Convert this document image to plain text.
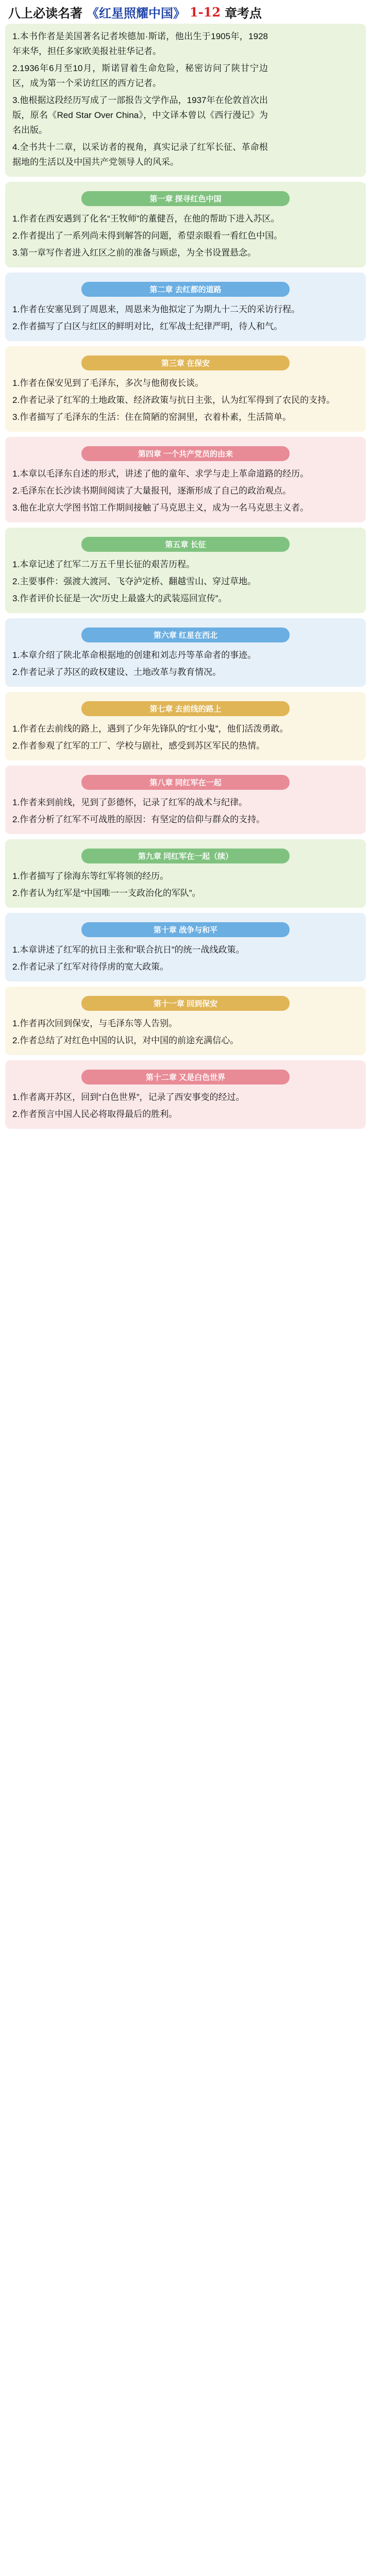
八上必读名著 《红星照耀中国》 1-12 章考点

1.本书作者是美国著名记者埃德加·斯诺，他出生于1905年，1928年来华，担任多家欧美报社驻华记者。

2.1936年6月至10月，斯诺冒着生命危险，秘密访问了陕甘宁边区，成为第一个采访红区的西方记者。

3.他根据这段经历写成了一部报告文学作品，1937年在伦敦首次出版，原名《Red Star Over China》，中文译本曾以《西行漫记》为名出版。

4.全书共十二章，以采访者的视角，真实记录了红军长征、革命根据地的生活以及中国共产党领导人的风采。

第一章 探寻红色中国

1.作者在西安遇到了化名“王牧师”的董健吾，在他的帮助下进入苏区。

2.作者提出了一系列尚未得到解答的问题，希望亲眼看一看红色中国。

3.第一章写作者进入红区之前的准备与顾虑，为全书设置悬念。

第二章 去红都的道路

1.作者在安塞见到了周恩来，周恩来为他拟定了为期九十二天的采访行程。

2.作者描写了白区与红区的鲜明对比，红军战士纪律严明，待人和气。

第三章 在保安

1.作者在保安见到了毛泽东，多次与他彻夜长谈。

2.作者记录了红军的土地政策、经济政策与抗日主张，认为红军得到了农民的支持。

3.作者描写了毛泽东的生活：住在简陋的窑洞里，衣着朴素，生活简单。

第四章 一个共产党员的由来

1.本章以毛泽东自述的形式，讲述了他的童年、求学与走上革命道路的经历。

2.毛泽东在长沙读书期间阅读了大量报刊，逐渐形成了自己的政治观点。

3.他在北京大学图书馆工作期间接触了马克思主义，成为一名马克思主义者。

第五章 长征

1.本章记述了红军二万五千里长征的艰苦历程。

2.主要事件：强渡大渡河、飞夺泸定桥、翻越雪山、穿过草地。

3.作者评价长征是一次“历史上最盛大的武装巡回宣传”。

第六章 红星在西北

1.本章介绍了陕北革命根据地的创建和刘志丹等革命者的事迹。

2.作者记录了苏区的政权建设、土地改革与教育情况。

第七章 去前线的路上

1.作者在去前线的路上，遇到了少年先锋队的“红小鬼”，他们活泼勇敢。

2.作者参观了红军的工厂、学校与剧社，感受到苏区军民的热情。

第八章 同红军在一起

1.作者来到前线，见到了彭德怀，记录了红军的战术与纪律。

2.作者分析了红军不可战胜的原因：有坚定的信仰与群众的支持。

第九章 同红军在一起（续）

1.作者描写了徐海东等红军将领的经历。

2.作者认为红军是“中国唯一一支政治化的军队”。

第十章 战争与和平

1.本章讲述了红军的抗日主张和“联合抗日”的统一战线政策。

2.作者记录了红军对待俘虏的宽大政策。

第十一章 回到保安

1.作者再次回到保安，与毛泽东等人告别。

2.作者总结了对红色中国的认识，对中国的前途充满信心。

第十二章 又是白色世界

1.作者离开苏区，回到“白色世界”，记录了西安事变的经过。

2.作者预言中国人民必将取得最后的胜利。
